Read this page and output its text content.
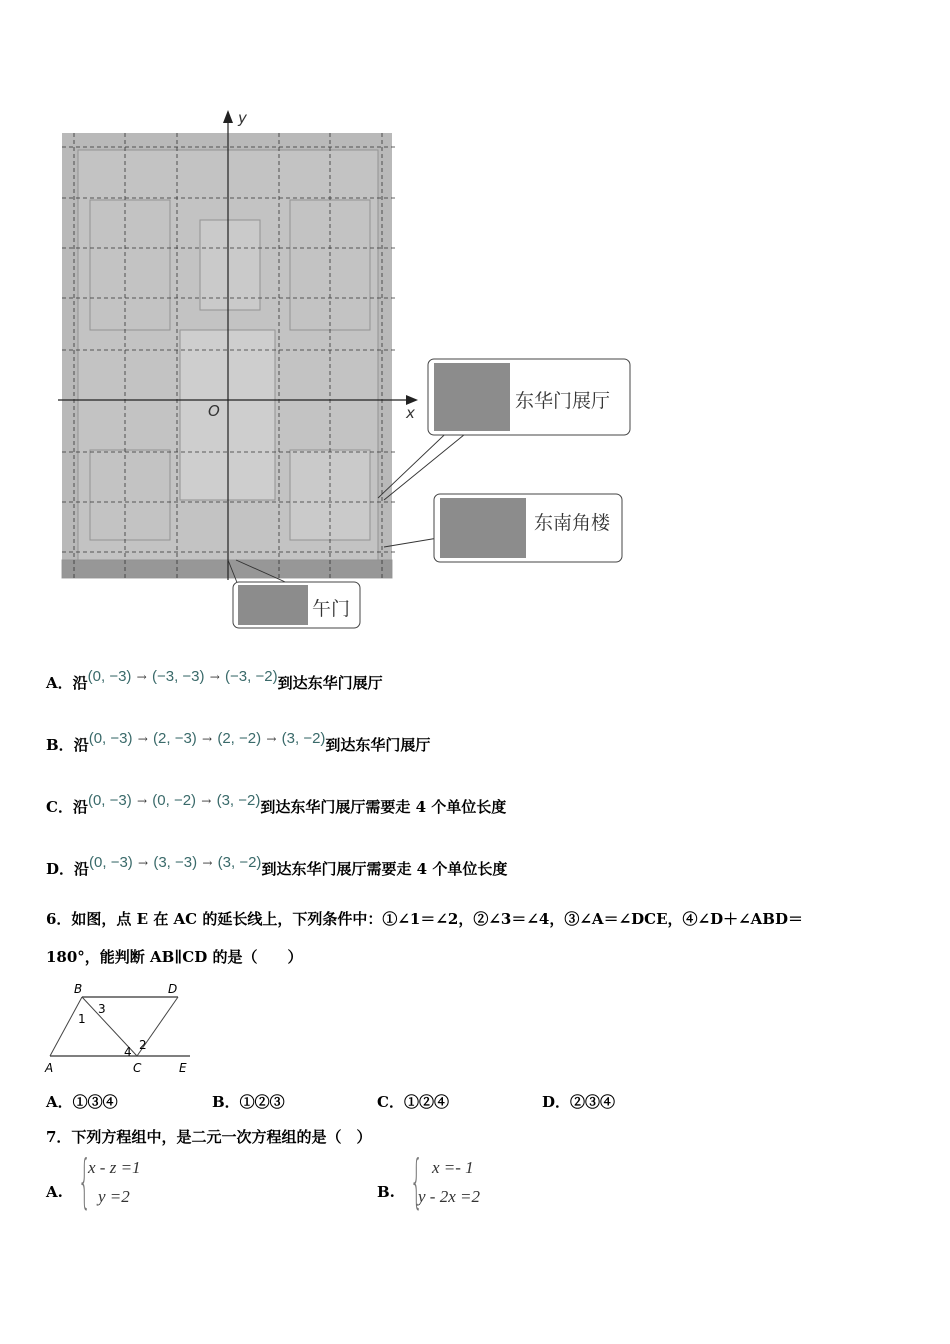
x
y
O	东华门展厅
东南角楼
午门
A．沿(0, −3) → (−3, −3) → (−3, −2)到达东华门展厅
B．沿(0, −3) → (2, −3) → (2, −2) → (3, −2)到达东华门展厅
C．沿(0, −3) → (0, −2) → (3, −2)到达东华门展厅需要走 4 个单位长度
D．沿(0, −3) → (3, −3) → (3, −2)到达东华门展厅需要走 4 个单位长度
6．如图，点 E 在 AC 的延长线上，下列条件中：①∠1＝∠2，②∠3＝∠4，③∠A＝∠DCE，④∠D＋∠ABD＝
180°，能判断 AB∥CD 的是（　　）
B	D
A	C	E
1
2
3
4
A．①③④	B．①②③	C．①②④	D．②③④
7．下列方程组中，是二元一次方程组的是（　）
A. {
x - z =1
y =2	B. { x =- 1
y - 2x =2
